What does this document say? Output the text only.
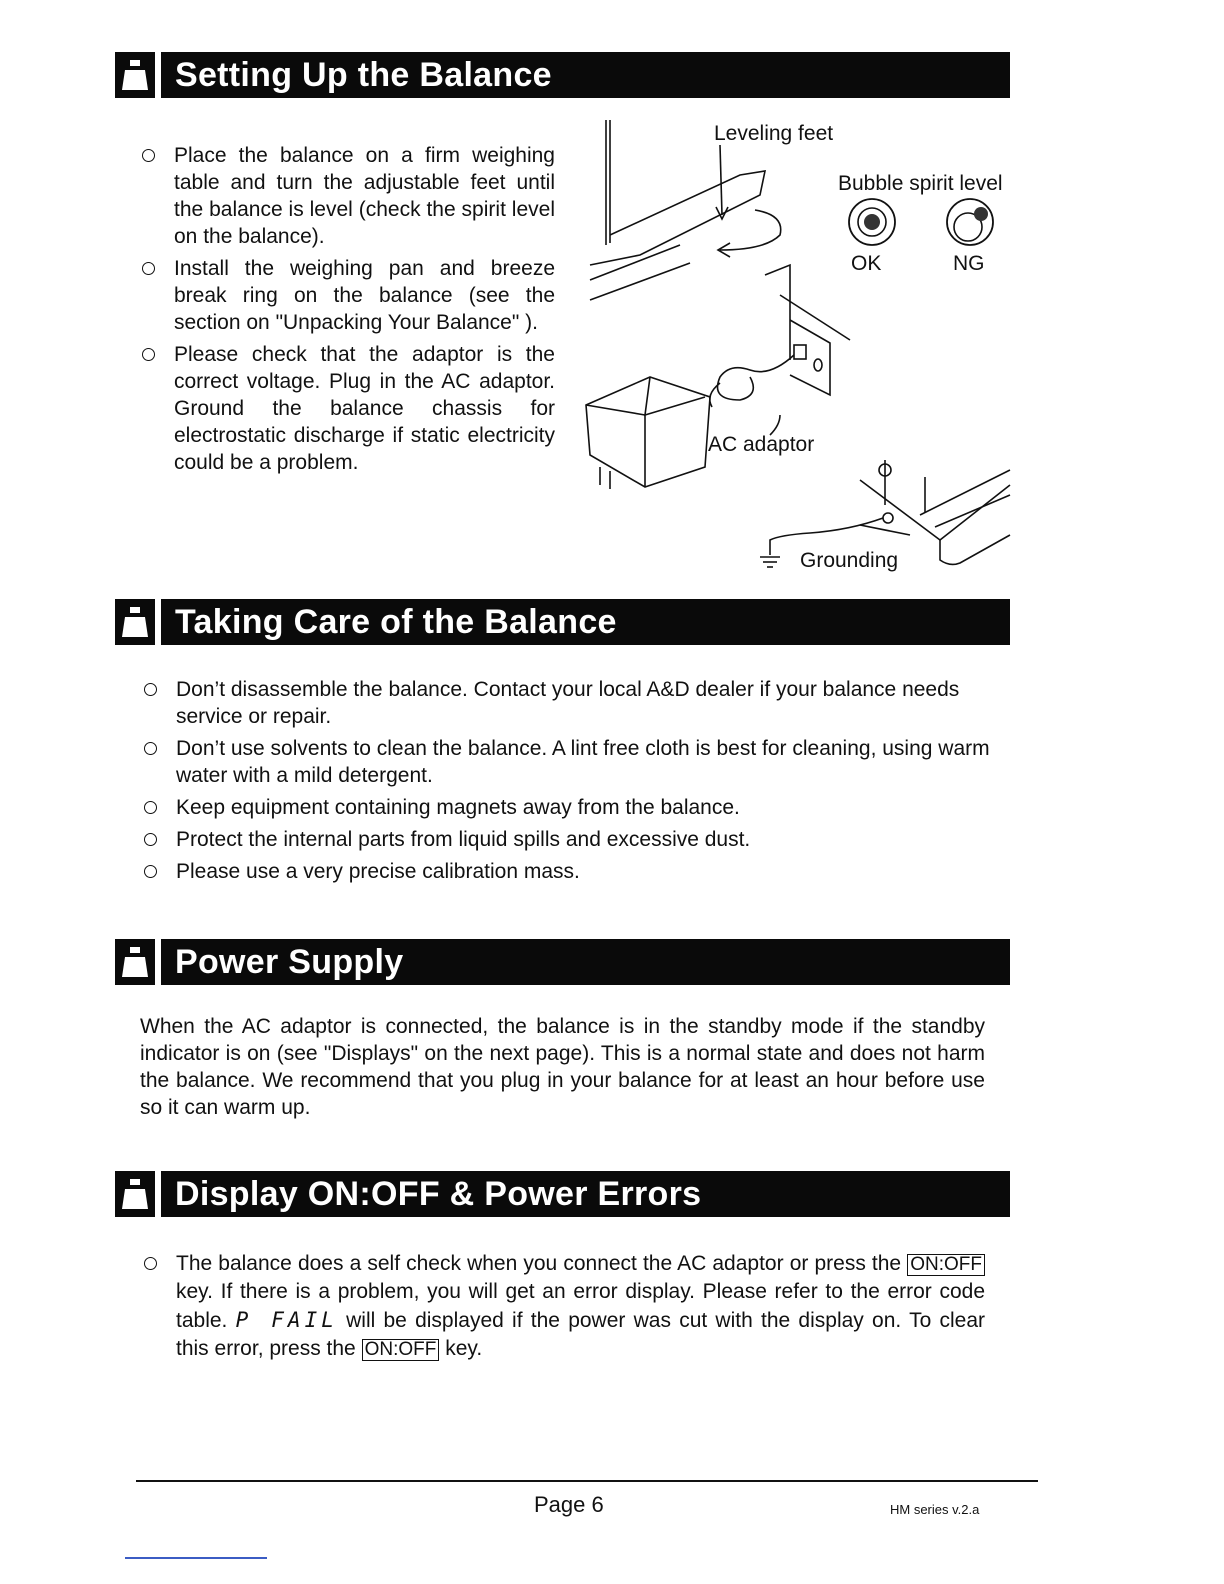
Setting Up the Balance
Place the balance on a firm weighing table and turn the adjustable feet until the balance is level (check the spirit level on the balance).
Install the weighing pan and breeze break ring on the balance (see the section on "Unpacking Your Balance" ).
Please check that the adaptor is the correct voltage. Plug in the AC adaptor. Ground the balance chassis for electrostatic discharge if static electricity could be a problem.
Leveling feet
Bubble spirit level
OK	NG
AC adaptor
Grounding
Taking Care of the Balance
Don’t disassemble the balance. Contact your local A&D dealer if your balance needs service or repair.
Don’t use solvents to clean the balance. A lint free cloth is best for cleaning, using warm water with a mild detergent.
Keep equipment containing magnets away from the balance.
Protect the internal parts from liquid spills and excessive dust.
Please use a very precise calibration mass.
Power Supply

When the AC adaptor is connected, the balance is in the standby mode if the standby indicator is on (see "Displays" on the next page). This is a normal state and does not harm the balance. We recommend that you plug in your balance for at least an hour before use so it can warm up.

Display ON:OFF & Power Errors
The balance does a self check when you connect the AC adaptor or press the ON:OFF key. If there is a problem, you will get an error display. Please refer to the error code table. P FAIL will be displayed if the power was cut with the display on. To clear this error, press the ON:OFF key.
Page 6	HM series v.2.a
